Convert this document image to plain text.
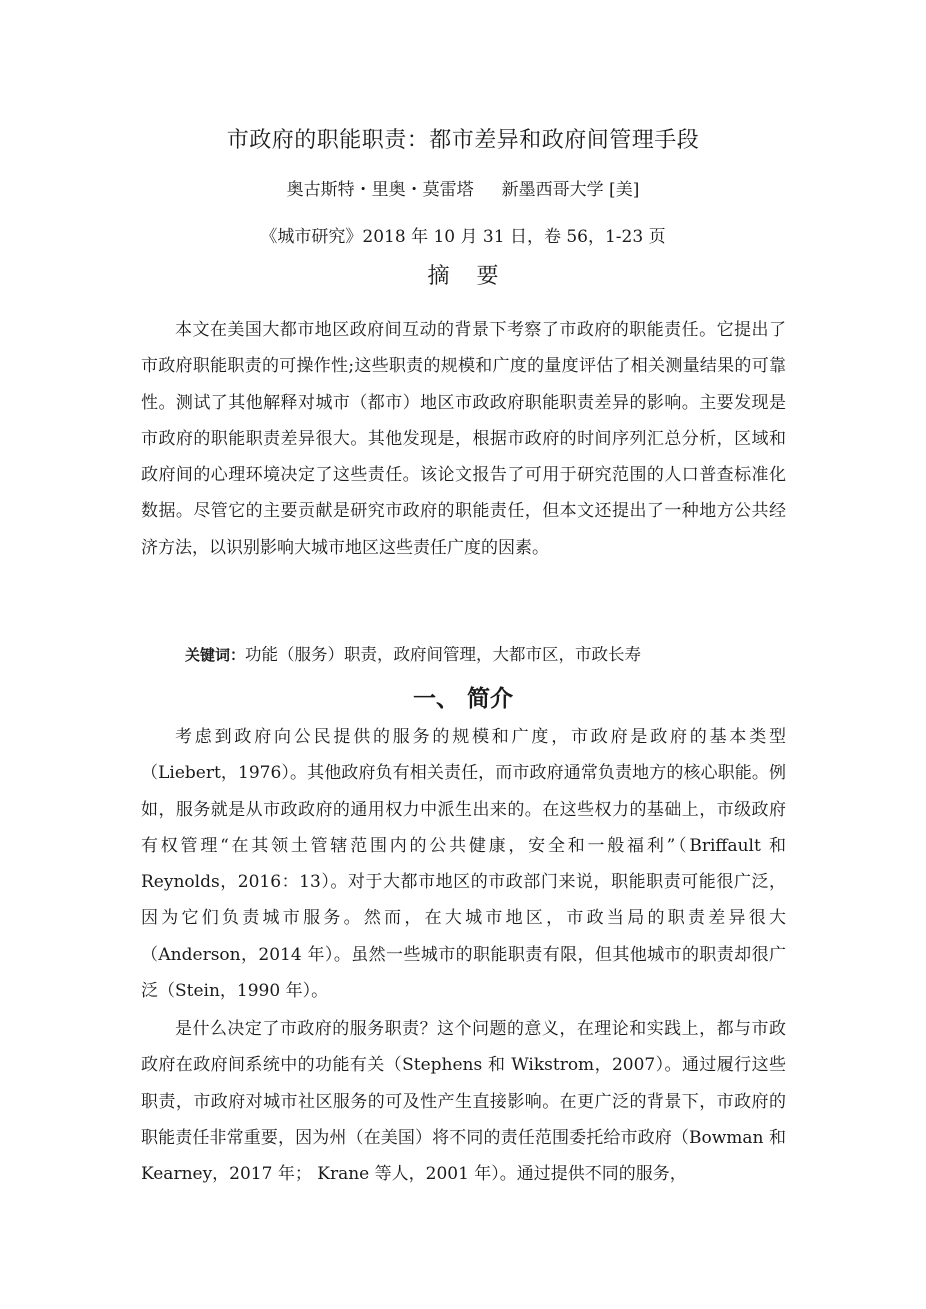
市政府的职能职责：都市差异和政府间管理手段
奥古斯特・里奥・莫雷塔 新墨西哥大学 [美]
《城市研究》2018 年 10 月 31 日，卷 56，1-23 页
摘 要

本文在美国大都市地区政府间互动的背景下考察了市政府的职能责任。它提出了市政府职能职责的可操作性;这些职责的规模和广度的量度评估了相关测量结果的可靠性。测试了其他解释对城市（都市）地区市政政府职能职责差异的影响。主要发现是市政府的职能职责差异很大。其他发现是，根据市政府的时间序列汇总分析，区域和政府间的心理环境决定了这些责任。该论文报告了可用于研究范围的人口普查标准化数据。尽管它的主要贡献是研究市政府的职能责任，但本文还提出了一种地方公共经济方法，以识别影响大城市地区这些责任广度的因素。

关键词：功能（服务）职责，政府间管理，大都市区，市政长寿
一、 简介

考虑到政府向公民提供的服务的规模和广度，市政府是政府的基本类型（Liebert，1976）。其他政府负有相关责任，而市政府通常负责地方的核心职能。例如，服务就是从市政政府的通用权力中派生出来的。在这些权力的基础上，市级政府有权管理“在其领土管辖范围内的公共健康，安全和一般福利”（Briffault 和 Reynolds，2016：13）。对于大都市地区的市政部门来说，职能职责可能很广泛，因为它们负责城市服务。然而，在大城市地区，市政当局的职责差异很大（Anderson，2014 年）。虽然一些城市的职能职责有限，但其他城市的职责却很广泛（Stein，1990 年）。

是什么决定了市政府的服务职责？这个问题的意义，在理论和实践上，都与市政政府在政府间系统中的功能有关（Stephens 和 Wikstrom，2007）。通过履行这些职责，市政府对城市社区服务的可及性产生直接影响。在更广泛的背景下，市政府的职能责任非常重要，因为州（在美国）将不同的责任范围委托给市政府（Bowman 和 Kearney，2017 年； Krane 等人，2001 年）。通过提供不同的服务，
